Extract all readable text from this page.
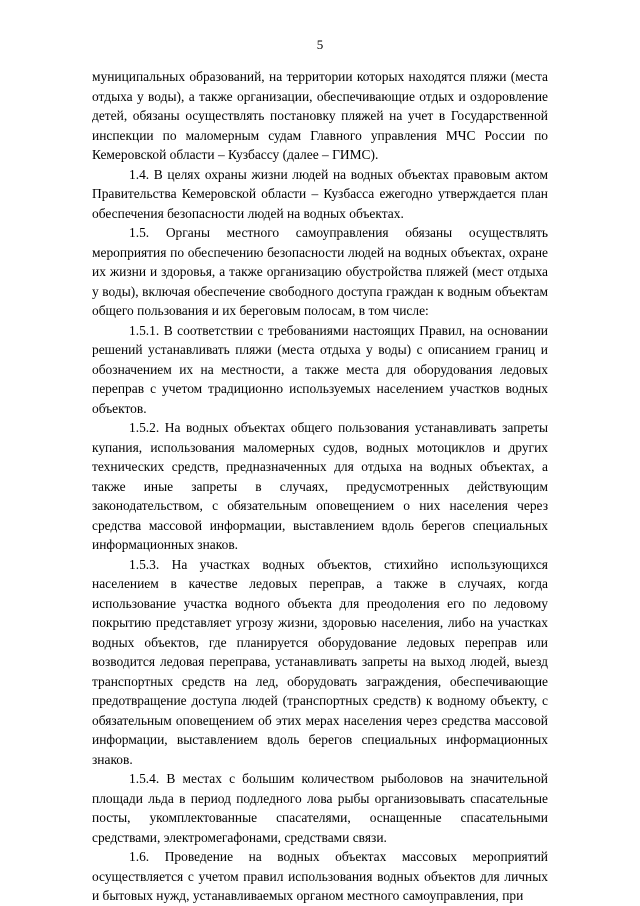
5

муниципальных образований, на территории которых находятся пляжи (места отдыха у воды), а также организации, обеспечивающие отдых и оздоровление детей, обязаны осуществлять постановку пляжей на учет в Государственной инспекции по маломерным судам Главного управления МЧС России по Кемеровской области – Кузбассу (далее – ГИМС).

1.4. В целях охраны жизни людей на водных объектах правовым актом Правительства Кемеровской области – Кузбасса ежегодно утверждается план обеспечения безопасности людей на водных объектах.

1.5. Органы местного самоуправления обязаны осуществлять мероприятия по обеспечению безопасности людей на водных объектах, охране их жизни и здоровья, а также организацию обустройства пляжей (мест отдыха у воды), включая обеспечение свободного доступа граждан к водным объектам общего пользования и их береговым полосам, в том числе:

1.5.1. В соответствии с требованиями настоящих Правил, на основании решений устанавливать пляжи (места отдыха у воды) с описанием границ и обозначением их на местности, а также места для оборудования ледовых переправ с учетом традиционно используемых населением участков водных объектов.

1.5.2. На водных объектах общего пользования устанавливать запреты купания, использования маломерных судов, водных мотоциклов и других технических средств, предназначенных для отдыха на водных объектах, а также иные запреты в случаях, предусмотренных действующим законодательством, с обязательным оповещением о них населения через средства массовой информации, выставлением вдоль берегов специальных информационных знаков.

1.5.3. На участках водных объектов, стихийно использующихся населением в качестве ледовых переправ, а также в случаях, когда использование участка водного объекта для преодоления его по ледовому покрытию представляет угрозу жизни, здоровью населения, либо на участках водных объектов, где планируется оборудование ледовых переправ или возводится ледовая переправа, устанавливать запреты на выход людей, выезд транспортных средств на лед, оборудовать заграждения, обеспечивающие предотвращение доступа людей (транспортных средств) к водному объекту, с обязательным оповещением об этих мерах населения через средства массовой информации, выставлением вдоль берегов специальных информационных знаков.

1.5.4. В местах с большим количеством рыболовов на значительной площади льда в период подледного лова рыбы организовывать спасательные посты, укомплектованные спасателями, оснащенные спасательными средствами, электромегафонами, средствами связи.

1.6. Проведение на водных объектах массовых мероприятий осуществляется с учетом правил использования водных объектов для личных и бытовых нужд, устанавливаемых органом местного самоуправления, при
